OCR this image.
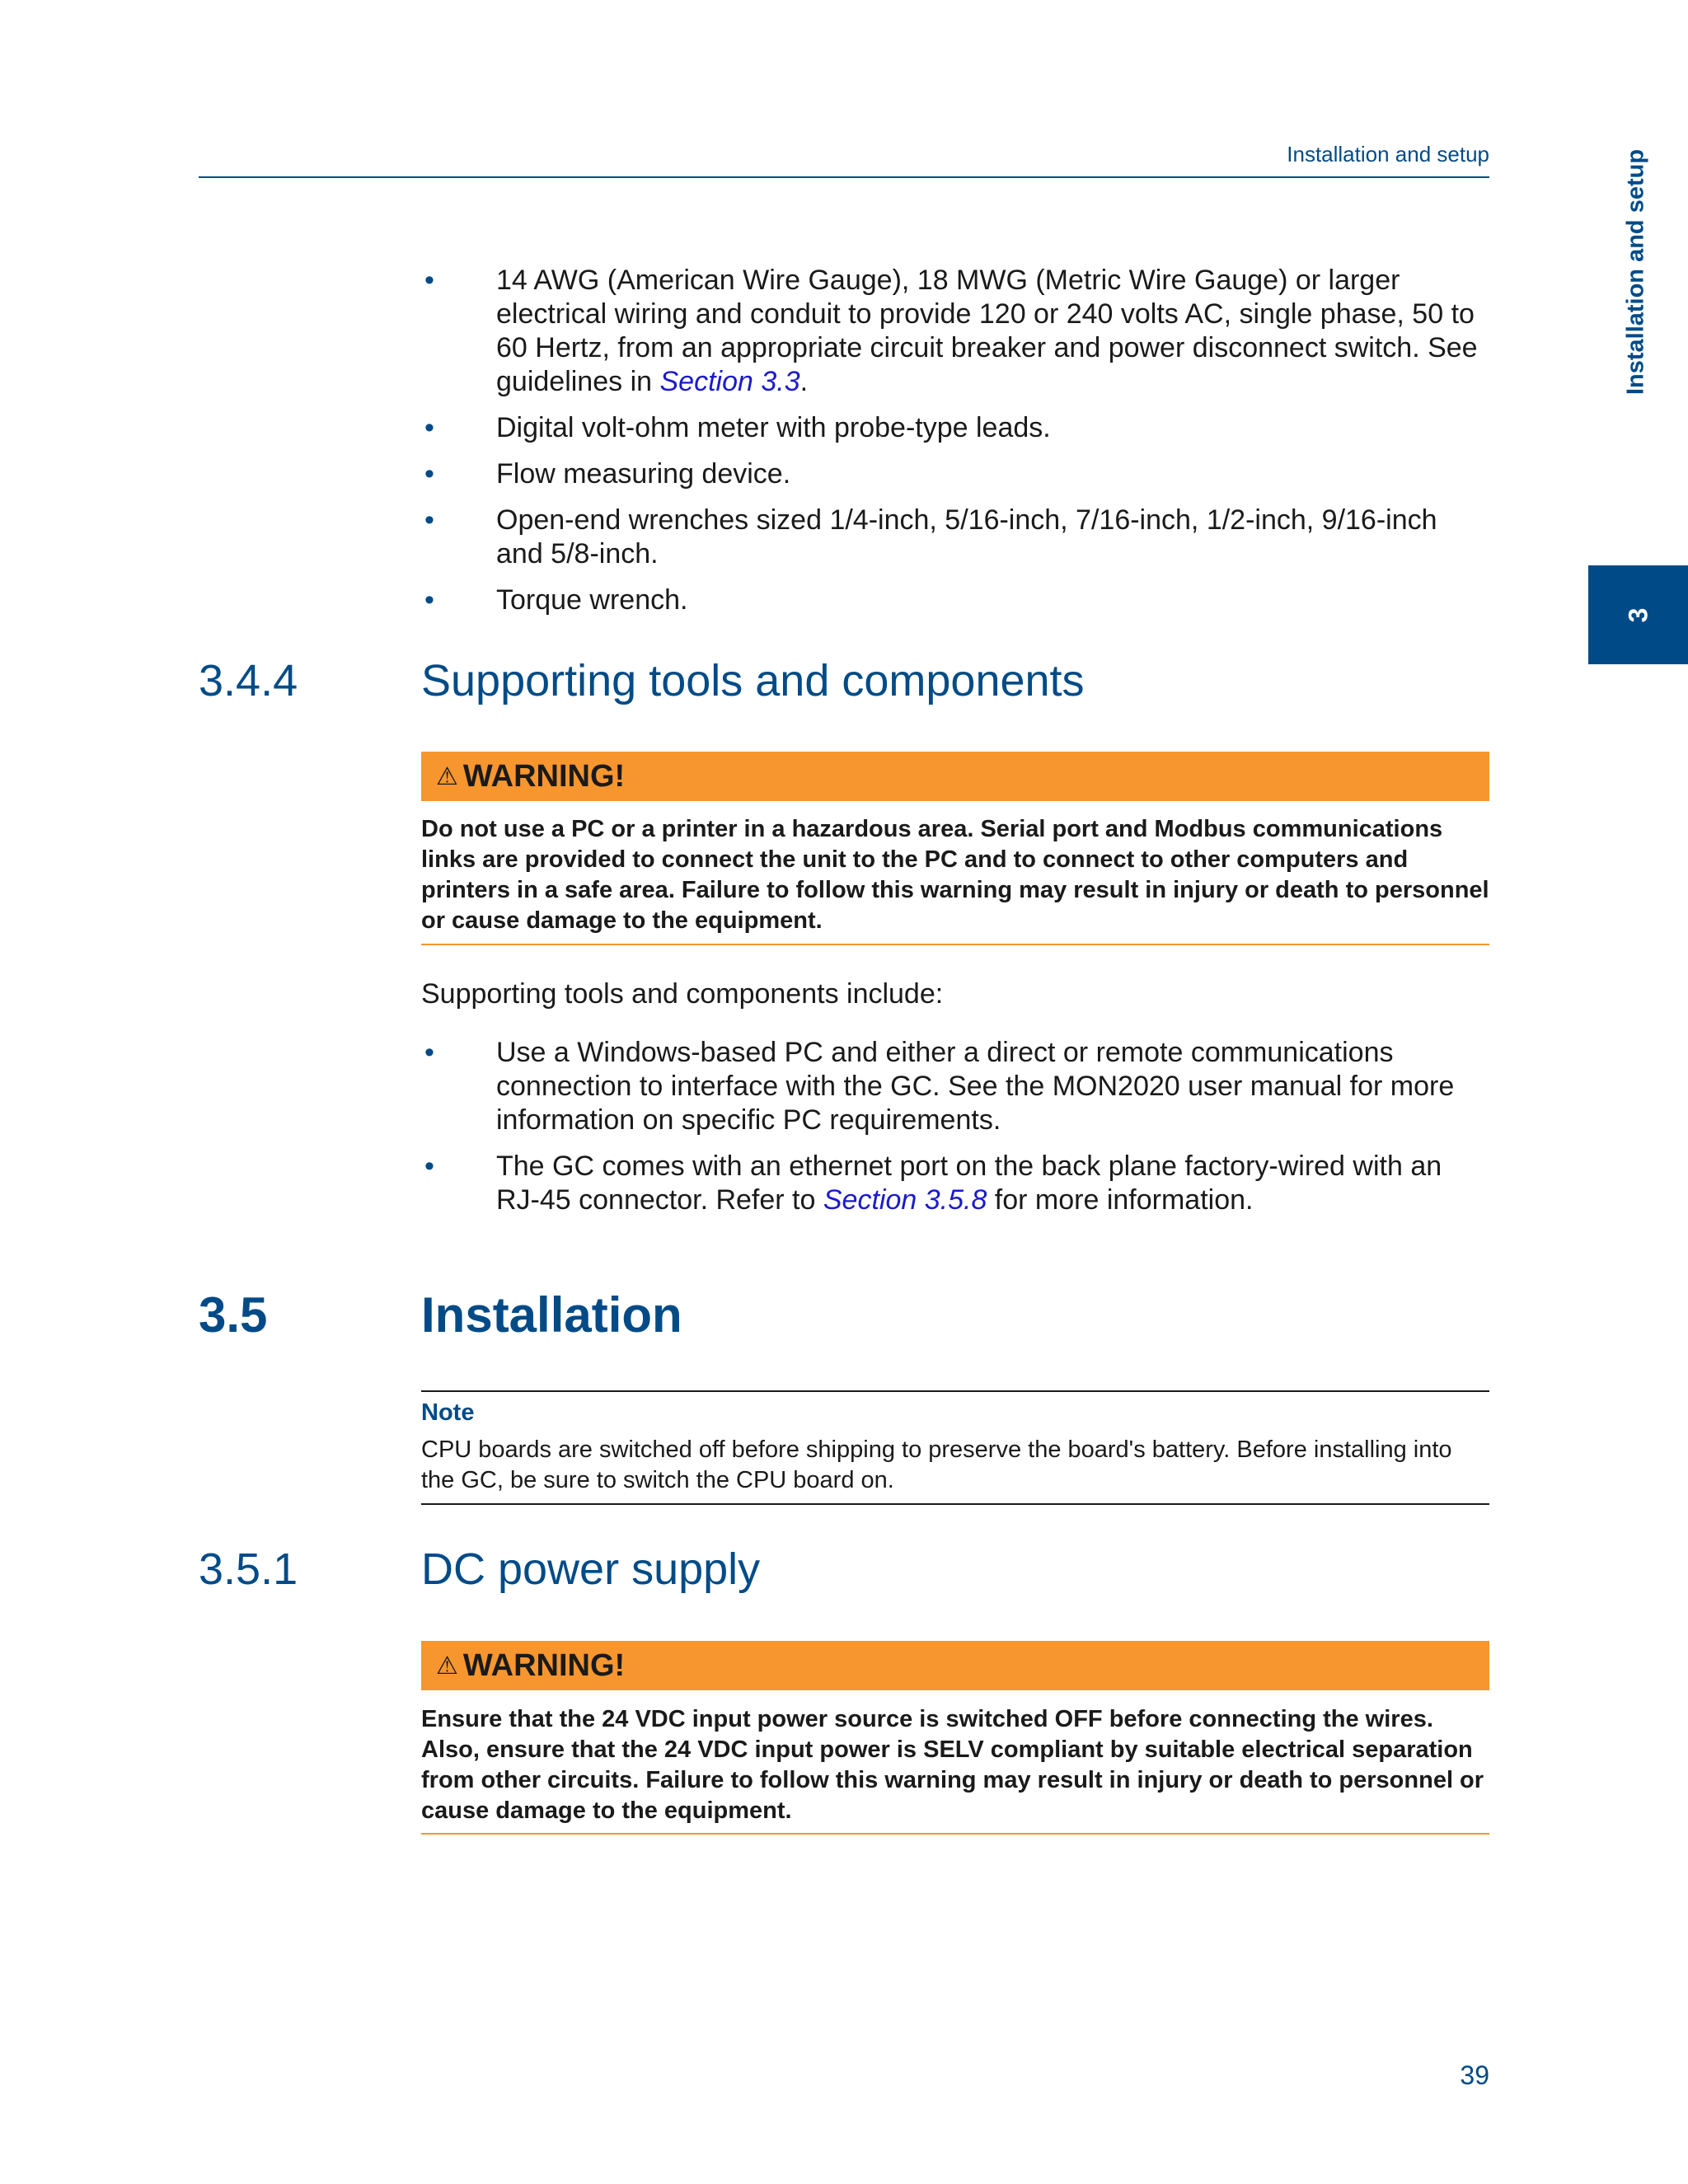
Installation and setup	Installation and setup
3
• 14 AWG (American Wire Gauge), 18 MWG (Metric Wire Gauge) or larger electrical wiring and conduit to provide 120 or 240 volts AC, single phase, 50 to 60 Hertz, from an appropriate circuit breaker and power disconnect switch. See guidelines in Section 3.3.
• Digital volt-ohm meter with probe-type leads.
• Flow measuring device.
• Open-end wrenches sized 1/4-inch, 5/16-inch, 7/16-inch, 1/2-inch, 9/16-inch and 5/8-inch.
• Torque wrench.
3.4.4	Supporting tools and components
⚠ WARNING!
Do not use a PC or a printer in a hazardous area. Serial port and Modbus communications links are provided to connect the unit to the PC and to connect to other computers and printers in a safe area. Failure to follow this warning may result in injury or death to personnel or cause damage to the equipment.
Supporting tools and components include:
• Use a Windows-based PC and either a direct or remote communications connection to interface with the GC. See the MON2020 user manual for more information on specific PC requirements.
• The GC comes with an ethernet port on the back plane factory-wired with an RJ-45 connector. Refer to Section 3.5.8 for more information.
3.5	Installation
Note
CPU boards are switched off before shipping to preserve the board's battery. Before installing into the GC, be sure to switch the CPU board on.
3.5.1	DC power supply
⚠ WARNING!
Ensure that the 24 VDC input power source is switched OFF before connecting the wires. Also, ensure that the 24 VDC input power is SELV compliant by suitable electrical separation from other circuits. Failure to follow this warning may result in injury or death to personnel or cause damage to the equipment.
39
